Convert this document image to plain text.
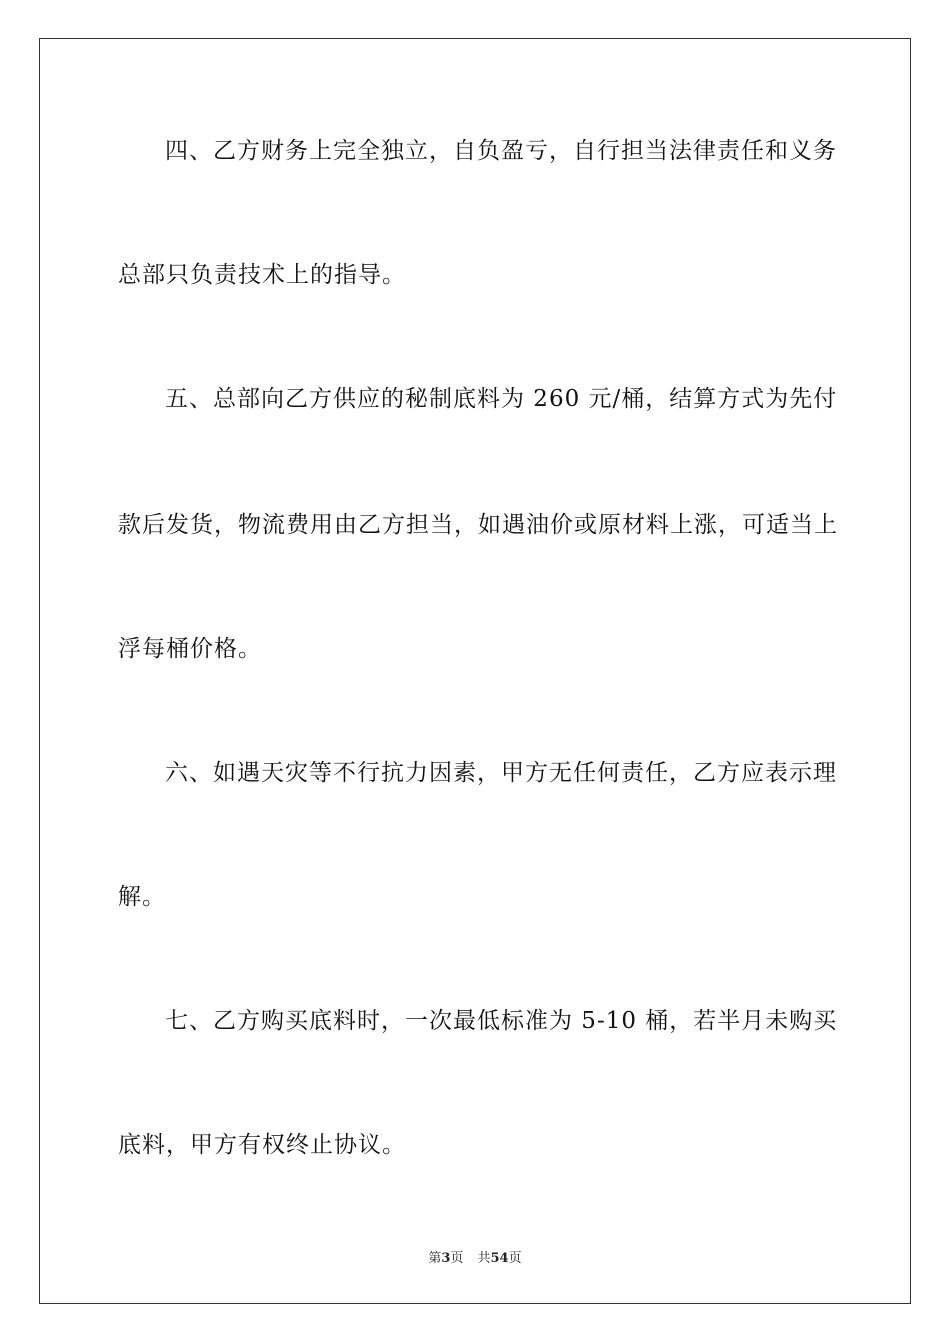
四、乙方财务上完全独立，自负盈亏，自行担当法律责任和义务
总部只负责技术上的指导。
五、总部向乙方供应的秘制底料为 260 元/桶，结算方式为先付
款后发货，物流费用由乙方担当，如遇油价或原材料上涨，可适当上
浮每桶价格。
六、如遇天灾等不行抗力因素，甲方无任何责任，乙方应表示理
解。
七、乙方购买底料时，一次最低标准为 5-10 桶，若半月未购买
底料，甲方有权终止协议。
第3页 共54页
